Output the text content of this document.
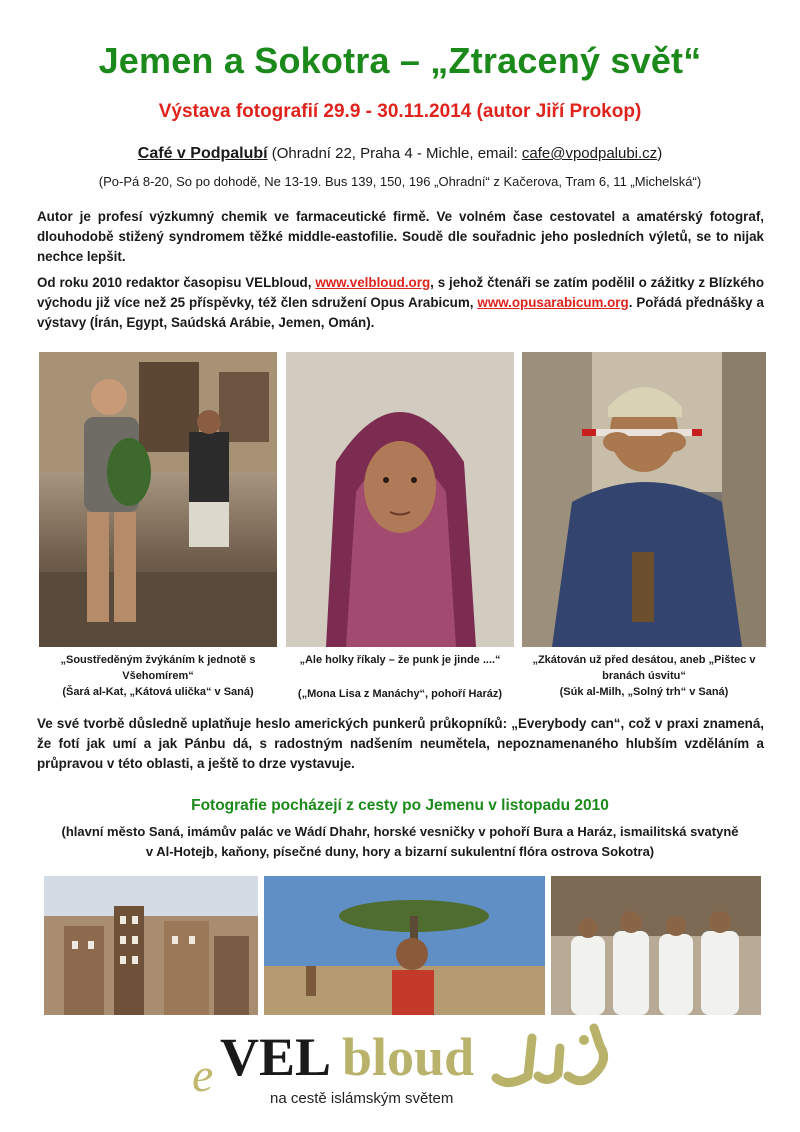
Jemen a Sokotra – „Ztracený svět“
Výstava fotografií 29.9 - 30.11.2014 (autor Jiří Prokop)
Café v Podpalubí (Ohradní 22, Praha 4 - Michle, email: cafe@vpodpalubi.cz)
(Po-Pá 8-20, So po dohodě, Ne 13-19. Bus 139, 150, 196 „Ohradní“ z Kačerova, Tram 6, 11 „Michelská“)
Autor je profesí výzkumný chemik ve farmaceutické firmě. Ve volném čase cestovatel a amatérský fotograf, dlouhodobě stižený syndromem těžké middle-eastofilie. Soudě dle souřadnic jeho posledních výletů, se to nijak nechce lepšit.
Od roku 2010 redaktor časopisu VELbloud, www.velbloud.org, s jehož čtenáři se zatím podělil o zážitky z Blízkého východu již více než 25 příspěvky, též člen sdružení Opus Arabicum, www.opusarabicum.org. Pořádá přednášky a výstavy (Írán, Egypt, Saúdská Arábie, Jemen, Omán).
„Soustředěným žvýkáním k jednotě s Všehomírem“
(Šará al-Kat, „Kátová ulička“ v Saná)
„Ale holky říkaly – že punk je jinde ....“
(„Mona Lisa z Manáchy“, pohoří Haráz)
„Zkátován už před desátou, aneb „Pištec v branách úsvitu“
(Súk al-Milh, „Solný trh“ v Saná)
Ve své tvorbě důsledně uplatňuje heslo amerických punkerů průkopníků: „Everybody can“, což v praxi znamená, že fotí jak umí a jak Pánbu dá, s radostným nadšením neumětela, nepoznamenaného hlubším vzděláním a průpravou v této oblasti, a ještě to drze vystavuje.
Fotografie pocházejí z cesty po Jemenu v listopadu 2010
(hlavní město Saná, imámův palác ve Wádí Dhahr, horské vesničky v pohoří Bura a Haráz, ismailitská svatyně v Al-Hotejb, kaňony, písečné duny, hory a bizarní sukulentní flóra ostrova Sokotra)
e VEL bloud
na cestě islámským světem
